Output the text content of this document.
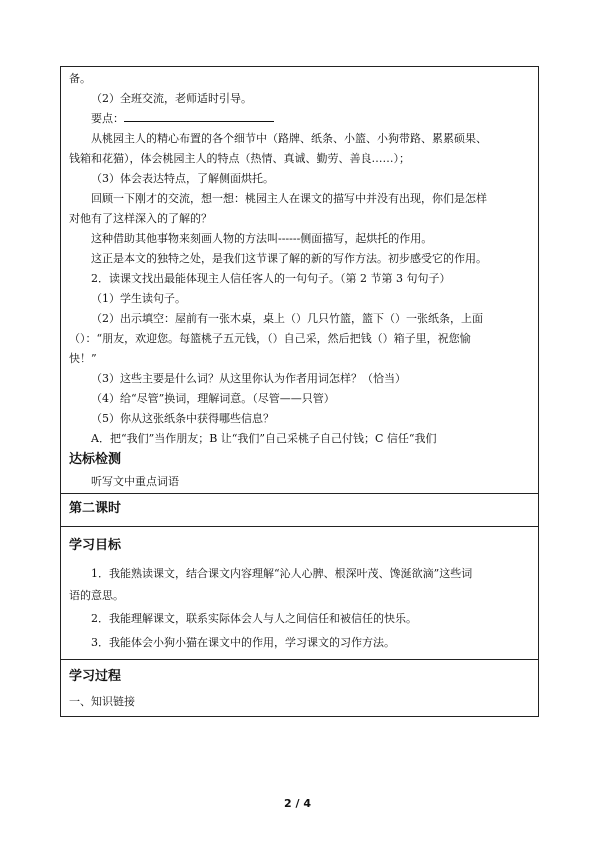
备。

（2）全班交流，老师适时引导。

要点：

从桃园主人的精心布置的各个细节中（路牌、纸条、小篮、小狗带路、累累硕果、

钱箱和花猫），体会桃园主人的特点（热情、真诚、勤劳、善良……）；

（3）体会表达特点，了解侧面烘托。

回顾一下刚才的交流，想一想：桃园主人在课文的描写中并没有出现，你们是怎样

对他有了这样深入的了解的？

这种借助其他事物来刻画人物的方法叫------侧面描写，起烘托的作用。

这正是本文的独特之处，是我们这节课了解的新的写作方法。初步感受它的作用。

2．读课文找出最能体现主人信任客人的一句句子。（第 2 节第 3 句句子）

（1）学生读句子。

（2）出示填空：屋前有一张木桌，桌上（）几只竹篮，篮下（）一张纸条，上面

（）：“朋友，欢迎您。每篮桃子五元钱，（）自己采，然后把钱（）箱子里，祝您愉

快！”

（3）这些主要是什么词？从这里你认为作者用词怎样？（恰当）

（4）给“尽管”换词，理解词意。（尽管——只管）

（5）你从这张纸条中获得哪些信息？

A．把“我们”当作朋友；B 让“我们”自己采桃子自己付钱；C 信任“我们

达标检测

听写文中重点词语

第二课时

学习目标

1．我能熟读课文，结合课文内容理解“沁人心脾、根深叶茂、馋涎欲滴”这些词

语的意思。

2．我能理解课文，联系实际体会人与人之间信任和被信任的快乐。

3．我能体会小狗小猫在课文中的作用，学习课文的习作方法。

学习过程

一、知识链接

2 / 4
